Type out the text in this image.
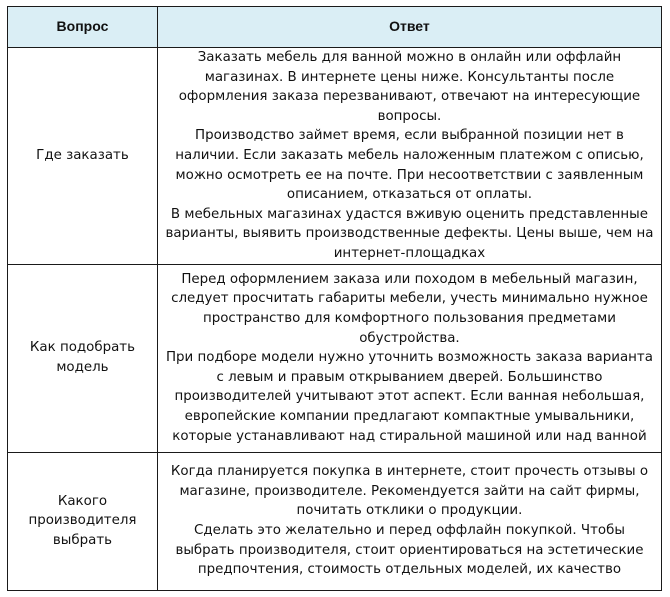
Вопрос	Ответ
Где заказать	Заказать мебель для ванной можно в онлайн или оффлайн магазинах. В интернете цены ниже. Консультанты после оформления заказа перезванивают, отвечают на интересующие вопросы.
Производство займет время, если выбранной позиции нет в наличии. Если заказать мебель наложенным платежом с описью, можно осмотреть ее на почте. При несоответствии с заявленным описанием, отказаться от оплаты.
В мебельных магазинах удастся вживую оценить представленные варианты, выявить производственные дефекты. Цены выше, чем на интернет-площадках

Как подобрать модель	Перед оформлением заказа или походом в мебельный магазин, следует просчитать габариты мебели, учесть минимально нужное пространство для комфортного пользования предметами обустройства.
При подборе модели нужно уточнить возможность заказа варианта с левым и правым открыванием дверей. Большинство производителей учитывают этот аспект. Если ванная небольшая, европейские компании предлагают компактные умывальники, которые устанавливают над стиральной машиной или над ванной

Какого производителя выбрать	Когда планируется покупка в интернете, стоит прочесть отзывы о магазине, производителе. Рекомендуется зайти на сайт фирмы, почитать отклики о продукции.
Сделать это желательно и перед оффлайн покупкой. Чтобы выбрать производителя, стоит ориентироваться на эстетические предпочтения, стоимость отдельных моделей, их качество
